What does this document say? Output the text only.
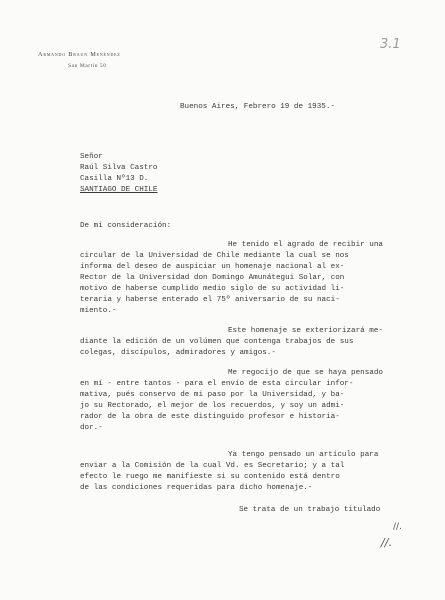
Armando Braun Menendez
San Martín 50
3.1
Buenos Aires, Febrero 19 de 1935.-
Señor
Raúl Silva Castro
Casilla Nº13 D.
SANTIAGO DE CHILE
De mi consideración:
He tenido el agrado de recibir una
circular de la Universidad de Chile mediante la cual se nos
informa del deseo de auspiciar un homenaje nacional al ex-
Rector de la Universidad don Domingo Amunátegui Solar, con
motivo de haberse cumplido medio siglo de su actividad li-
teraria y haberse enterado el 75º aniversario de su naci-
miento.-
Este homenaje se exteriorizará me-
diante la edición de un volúmen que contenga trabajos de sus
colegas, discípulos, admiradores y amigos.-
Me regocijo de que se haya pensado
en mí - entre tantos - para el envío de esta circular infor-
mativa, pués conservo de mi paso por la Universidad, y ba-
jo su Rectorado, el mejor de los recuerdos, y soy un admi-
rador de la obra de este distinguido profesor e historia-
dor.-
Ya tengo pensado un artículo para
enviar a la Comisión de la cual Vd. es Secretario; y a tal
efecto le ruego me manifieste si su contenido está dentro
de las condiciones requeridas para dicho homenaje.-
Se trata de un trabajo titulado
//.
//.
